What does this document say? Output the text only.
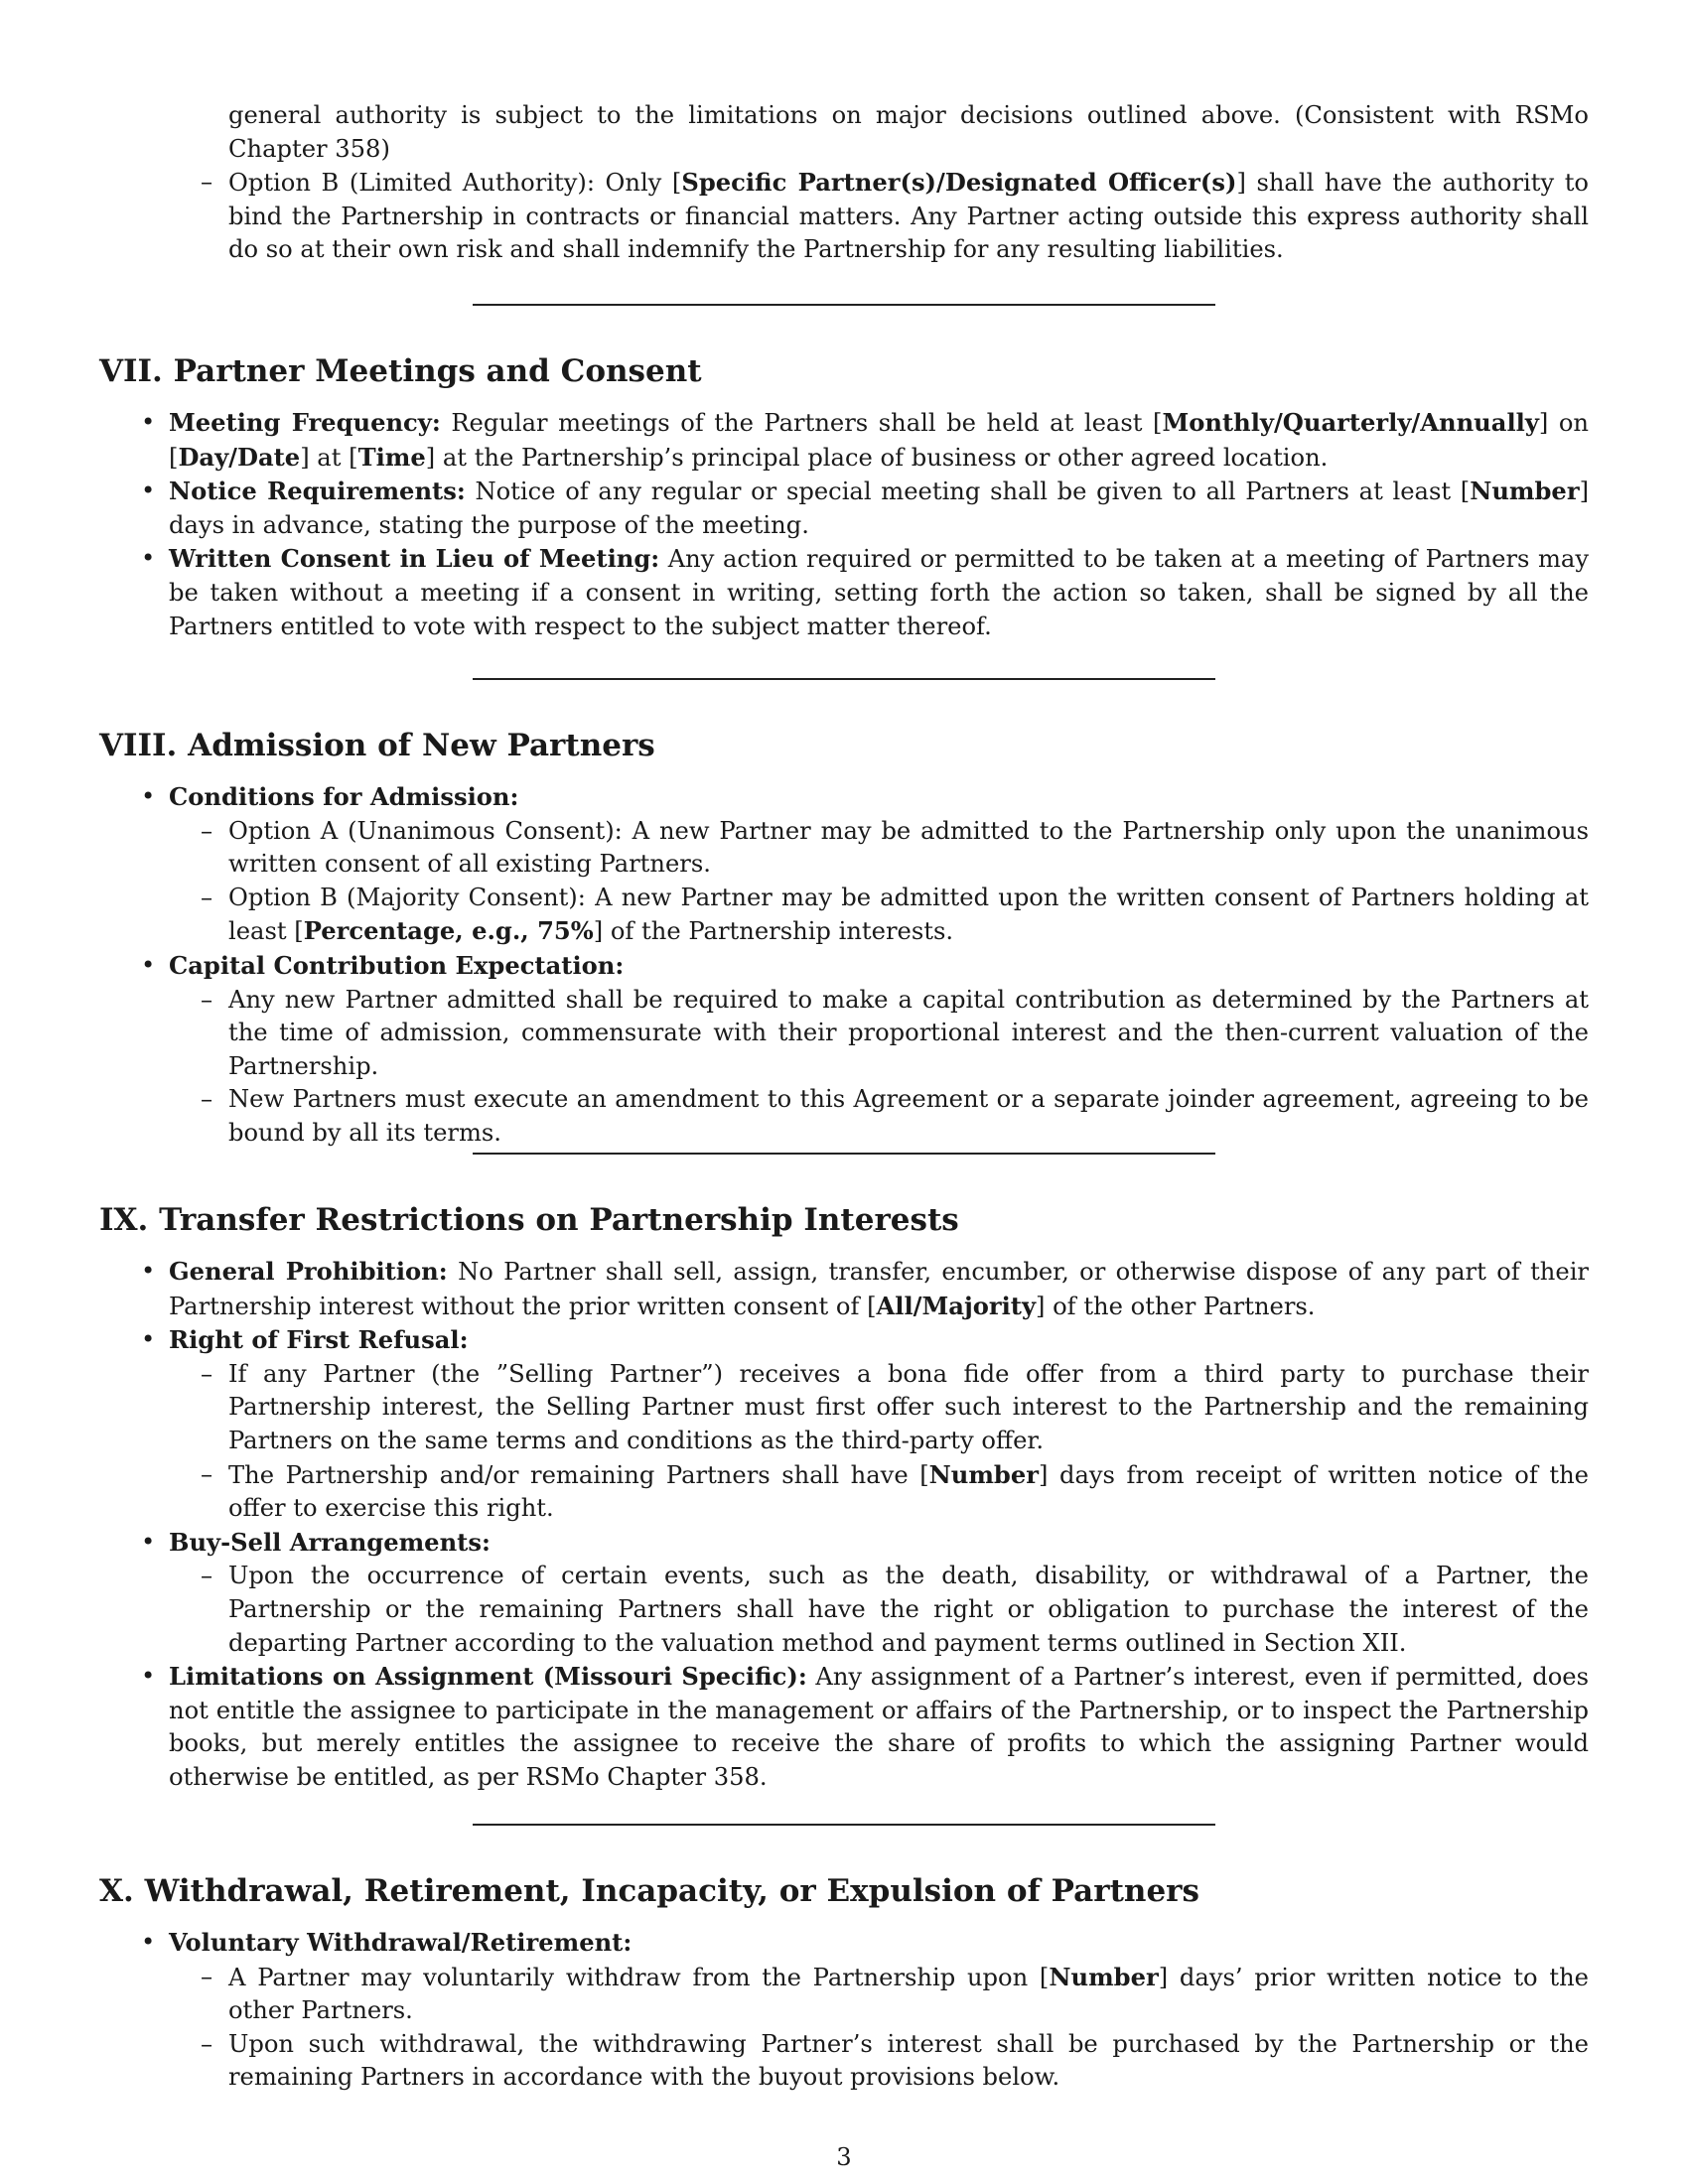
general authority is subject to the limitations on major decisions outlined above. (Consistent with RSMo Chapter 358)

– Option B (Limited Authority): Only [Specific Partner(s)/Designated Officer(s)] shall have the authority to bind the Partnership in contracts or financial matters. Any Partner acting outside this express authority shall do so at their own risk and shall indemnify the Partnership for any resulting liabilities.
VII. Partner Meetings and Consent
• Meeting Frequency: Regular meetings of the Partners shall be held at least [Monthly/Quarterly/Annually] on [Day/Date] at [Time] at the Partnership’s principal place of business or other agreed location.
• Notice Requirements: Notice of any regular or special meeting shall be given to all Partners at least [Number] days in advance, stating the purpose of the meeting.
• Written Consent in Lieu of Meeting: Any action required or permitted to be taken at a meeting of Partners may be taken without a meeting if a consent in writing, setting forth the action so taken, shall be signed by all the Partners entitled to vote with respect to the subject matter thereof.
VIII. Admission of New Partners
• Conditions for Admission:
– Option A (Unanimous Consent): A new Partner may be admitted to the Partnership only upon the unanimous written consent of all existing Partners.
– Option B (Majority Consent): A new Partner may be admitted upon the written consent of Partners holding at least [Percentage, e.g., 75%] of the Partnership interests.
• Capital Contribution Expectation:
– Any new Partner admitted shall be required to make a capital contribution as determined by the Partners at the time of admission, commensurate with their proportional interest and the then-current valuation of the Partnership.
– New Partners must execute an amendment to this Agreement or a separate joinder agreement, agreeing to be bound by all its terms.
IX. Transfer Restrictions on Partnership Interests
• General Prohibition: No Partner shall sell, assign, transfer, encumber, or otherwise dispose of any part of their Partnership interest without the prior written consent of [All/Majority] of the other Partners.
• Right of First Refusal:
– If any Partner (the ”Selling Partner”) receives a bona fide offer from a third party to purchase their Partnership interest, the Selling Partner must first offer such interest to the Partnership and the remaining Partners on the same terms and conditions as the third-party offer.
– The Partnership and/or remaining Partners shall have [Number] days from receipt of written notice of the offer to exercise this right.
• Buy-Sell Arrangements:
– Upon the occurrence of certain events, such as the death, disability, or withdrawal of a Partner, the Partnership or the remaining Partners shall have the right or obligation to purchase the interest of the departing Partner according to the valuation method and payment terms outlined in Section XII.
• Limitations on Assignment (Missouri Specific): Any assignment of a Partner’s interest, even if permitted, does not entitle the assignee to participate in the management or affairs of the Partnership, or to inspect the Partnership books, but merely entitles the assignee to receive the share of profits to which the assigning Partner would otherwise be entitled, as per RSMo Chapter 358.
X. Withdrawal, Retirement, Incapacity, or Expulsion of Partners
• Voluntary Withdrawal/Retirement:
– A Partner may voluntarily withdraw from the Partnership upon [Number] days’ prior written notice to the other Partners.
– Upon such withdrawal, the withdrawing Partner’s interest shall be purchased by the Partnership or the remaining Partners in accordance with the buyout provisions below.
3
